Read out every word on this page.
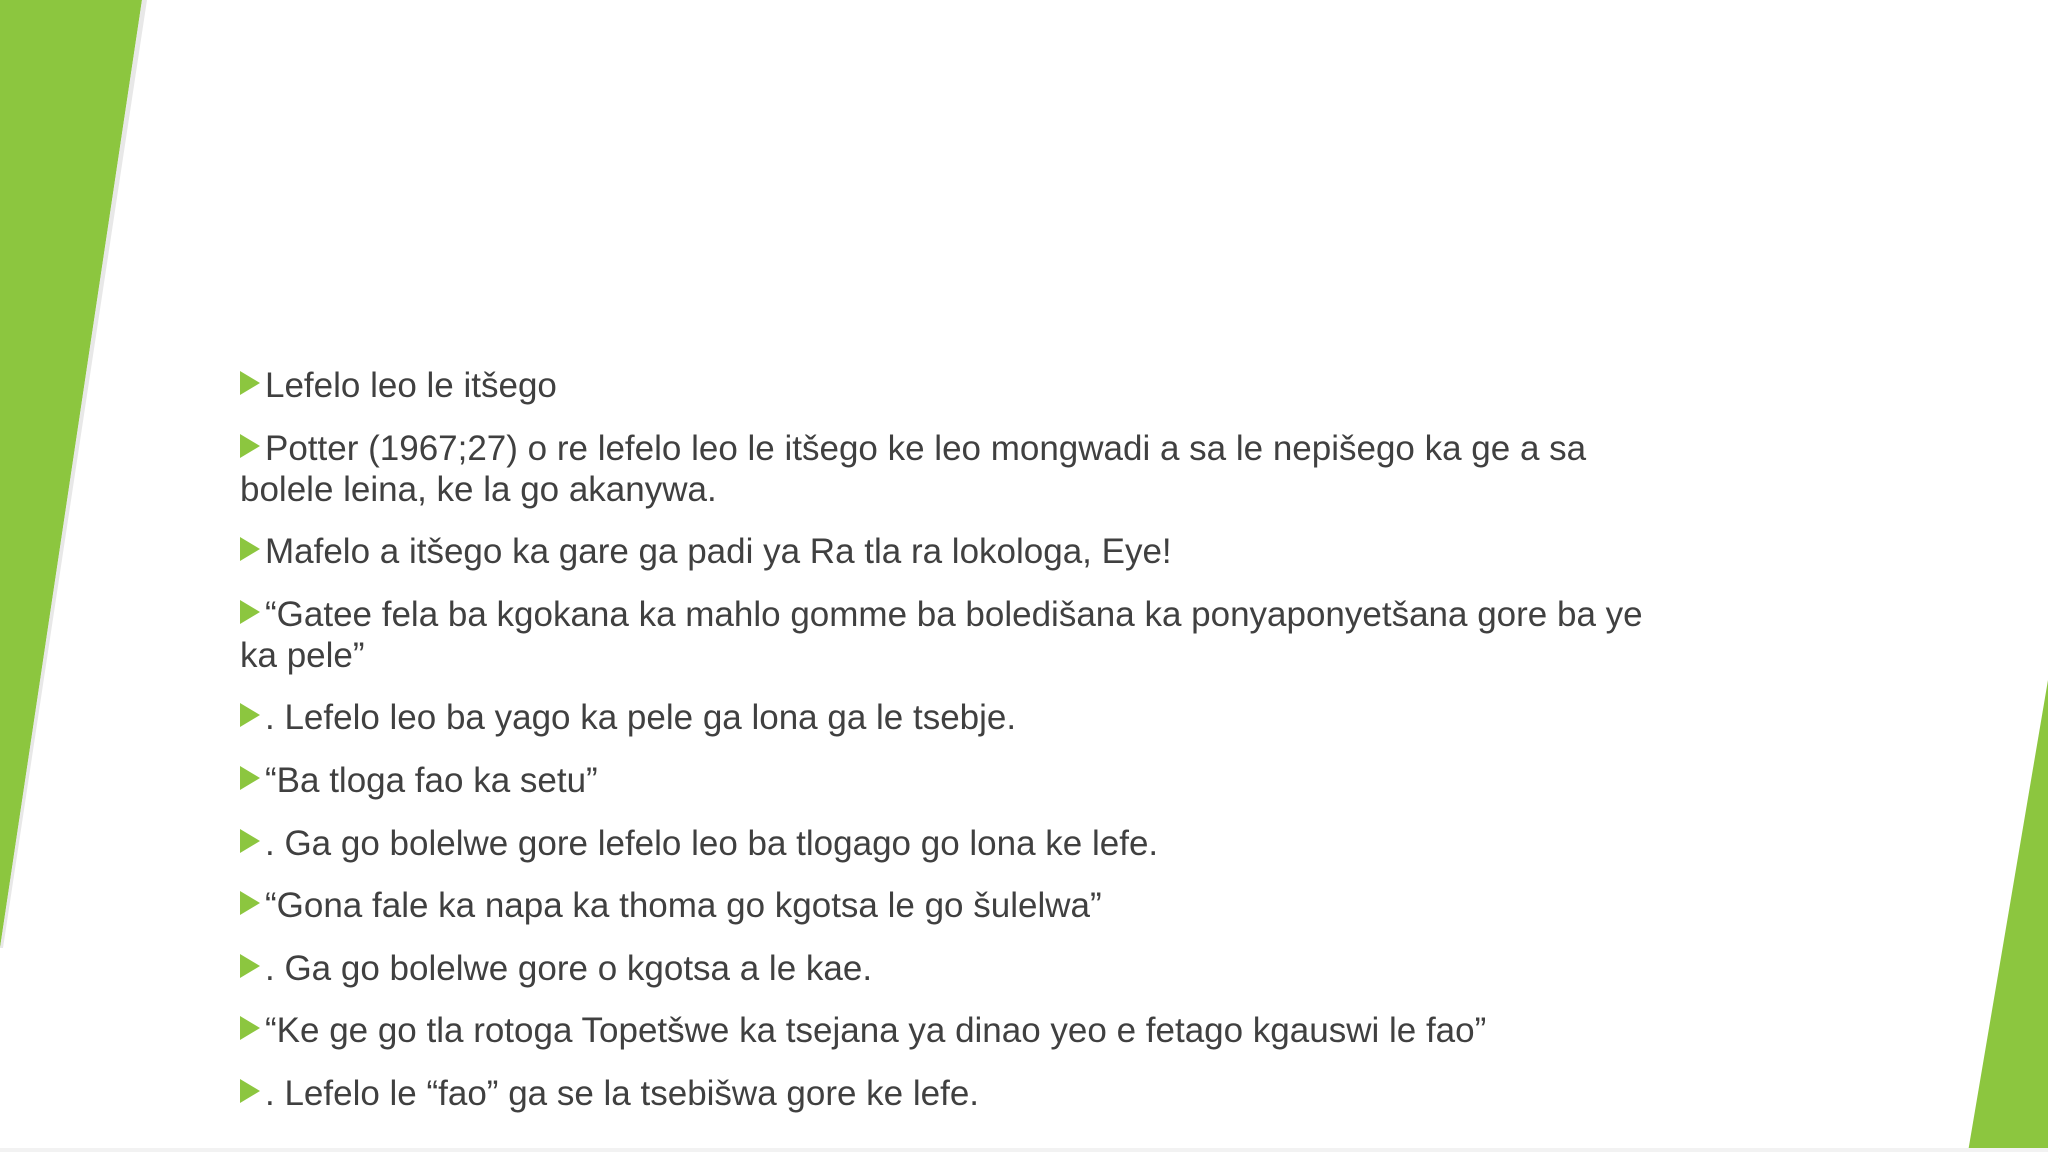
Lefelo leo le itšego
Potter (1967;27) o re lefelo leo le itšego ke leo mongwadi a sa le nepišego ka ge a sa bolele leina, ke la go akanywa.
Mafelo a itšego ka gare ga padi ya Ra tla ra lokologa, Eye!
“Gatee fela ba kgokana ka mahlo gomme ba boledišana ka ponyaponyetšana gore ba ye ka pele”
. Lefelo leo ba yago ka pele ga lona ga le tsebje.
“Ba tloga fao ka setu”
. Ga go bolelwe gore lefelo leo ba tlogago go lona ke lefe.
“Gona fale ka napa ka thoma go kgotsa le go šulelwa”
. Ga go bolelwe gore o kgotsa a le kae.
“Ke ge go tla rotoga Topetšwe ka tsejana ya dinao yeo e fetago kgauswi le fao”
. Lefelo le “fao” ga se la tsebišwa gore ke lefe.
